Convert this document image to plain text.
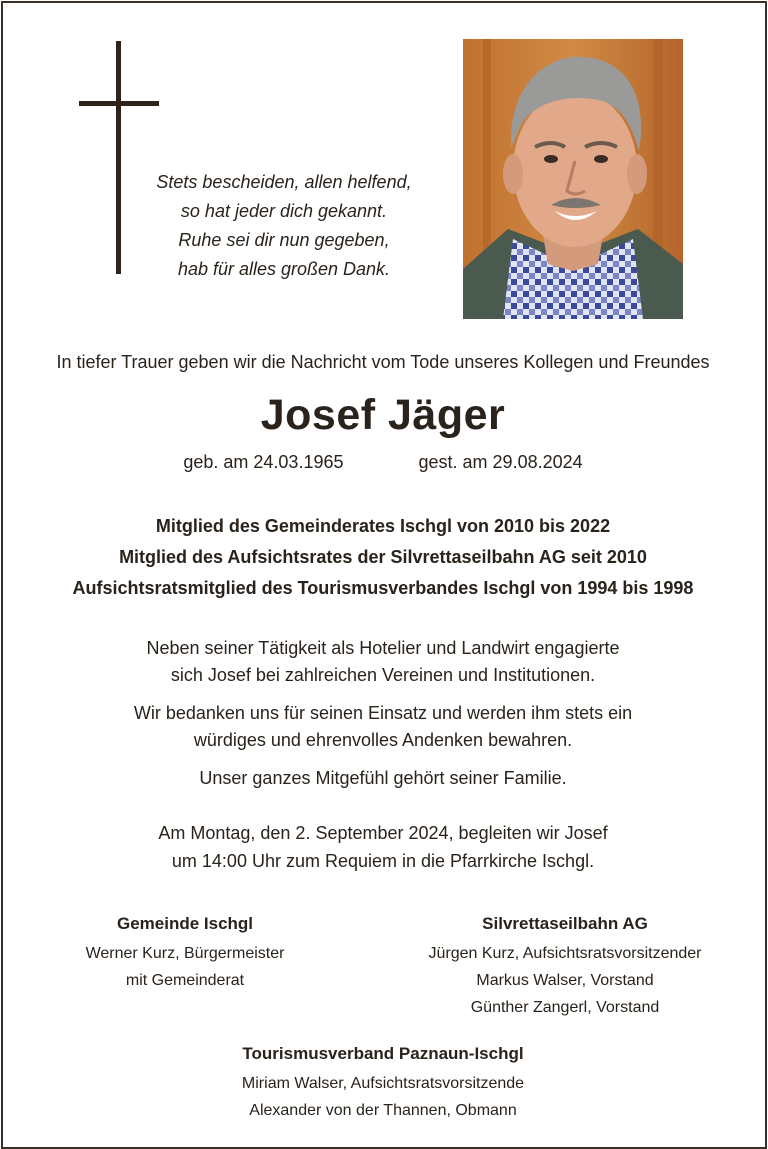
Stets bescheiden, allen helfend,
so hat jeder dich gekannt.
Ruhe sei dir nun gegeben,
hab für alles großen Dank.
In tiefer Trauer geben wir die Nachricht vom Tode unseres Kollegen und Freundes
Josef Jäger
geb. am 24.03.1965	gest. am 29.08.2024
Mitglied des Gemeinderates Ischgl von 2010 bis 2022
Mitglied des Aufsichtsrates der Silvrettaseilbahn AG seit 2010
Aufsichtsratsmitglied des Tourismusverbandes Ischgl von 1994 bis 1998
Neben seiner Tätigkeit als Hotelier und Landwirt engagierte
sich Josef bei zahlreichen Vereinen und Institutionen.
Wir bedanken uns für seinen Einsatz und werden ihm stets ein
würdiges und ehrenvolles Andenken bewahren.
Unser ganzes Mitgefühl gehört seiner Familie.
Am Montag, den 2. September 2024, begleiten wir Josef
um 14:00 Uhr zum Requiem in die Pfarrkirche Ischgl.
Gemeinde Ischgl
Werner Kurz, Bürgermeister
mit Gemeinderat
Silvrettaseilbahn AG
Jürgen Kurz, Aufsichtsratsvorsitzender
Markus Walser, Vorstand
Günther Zangerl, Vorstand
Tourismusverband Paznaun-Ischgl
Miriam Walser, Aufsichtsratsvorsitzende
Alexander von der Thannen, Obmann
